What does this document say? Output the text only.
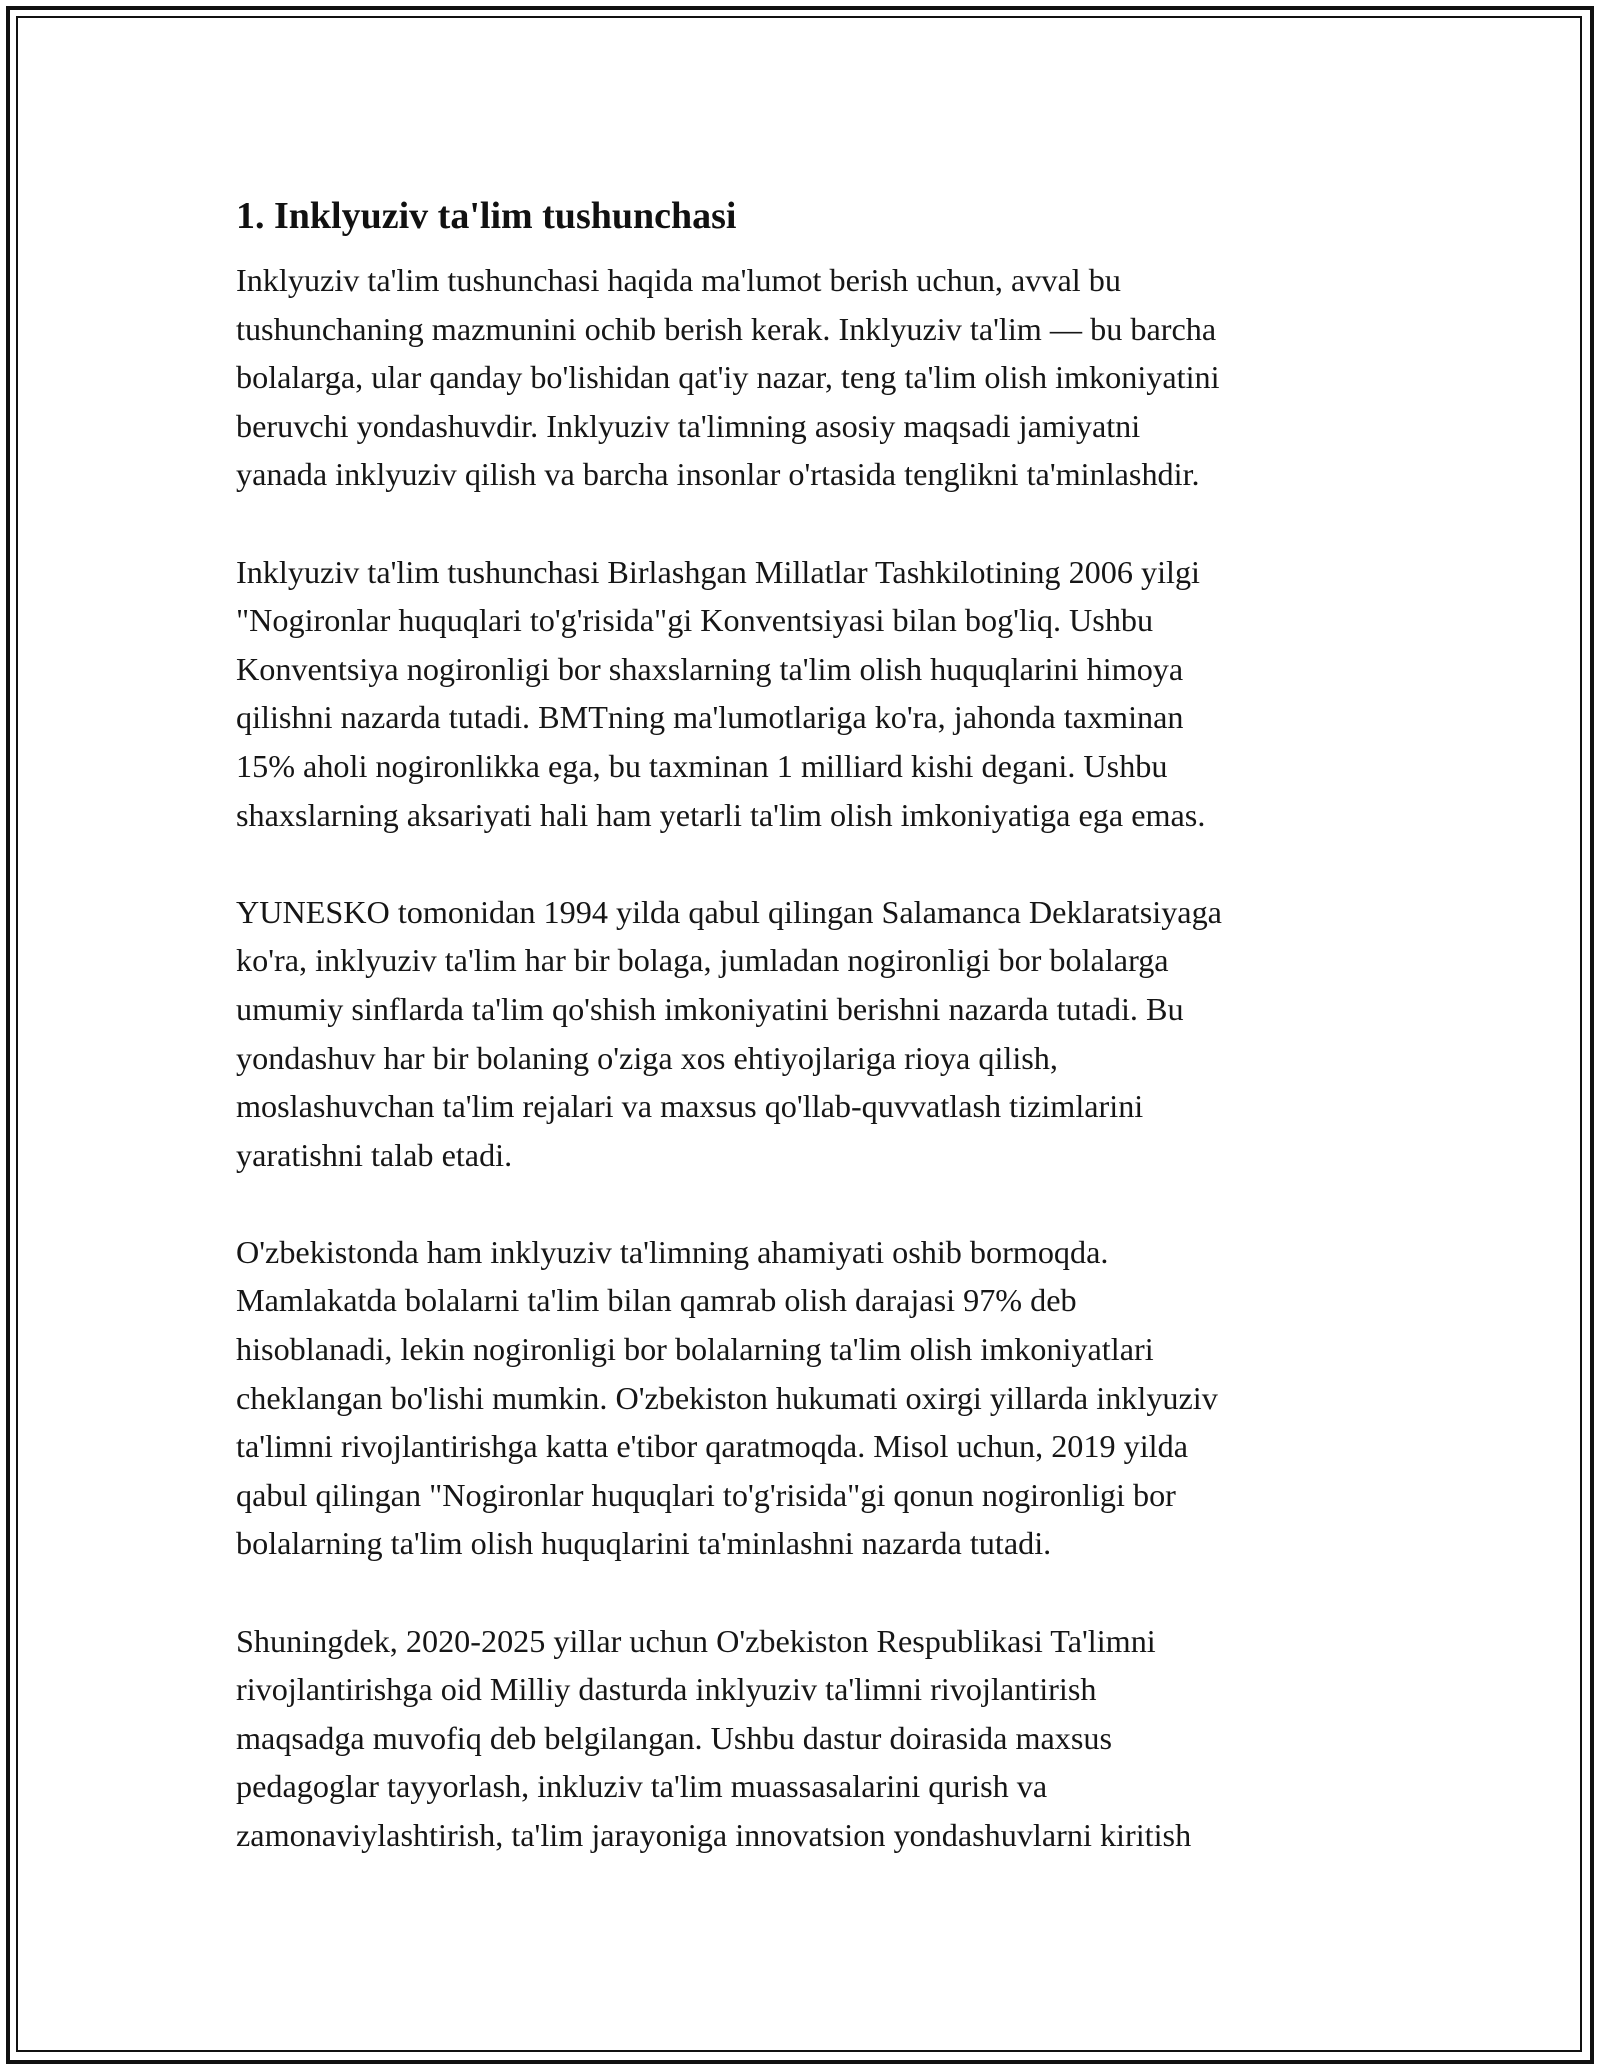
1. Inklyuziv ta'lim tushunchasi

Inklyuziv ta'lim tushunchasi haqida ma'lumot berish uchun, avval bu
tushunchaning mazmunini ochib berish kerak. Inklyuziv ta'lim — bu barcha
bolalarga, ular qanday bo'lishidan qat'iy nazar, teng ta'lim olish imkoniyatini
beruvchi yondashuvdir. Inklyuziv ta'limning asosiy maqsadi jamiyatni
yanada inklyuziv qilish va barcha insonlar o'rtasida tenglikni ta'minlashdir.

Inklyuziv ta'lim tushunchasi Birlashgan Millatlar Tashkilotining 2006 yilgi
"Nogironlar huquqlari to'g'risida"gi Konventsiyasi bilan bog'liq. Ushbu
Konventsiya nogironligi bor shaxslarning ta'lim olish huquqlarini himoya
qilishni nazarda tutadi. BMTning ma'lumotlariga ko'ra, jahonda taxminan
15% aholi nogironlikka ega, bu taxminan 1 milliard kishi degani. Ushbu
shaxslarning aksariyati hali ham yetarli ta'lim olish imkoniyatiga ega emas.

YUNESKO tomonidan 1994 yilda qabul qilingan Salamanca Deklaratsiyaga
ko'ra, inklyuziv ta'lim har bir bolaga, jumladan nogironligi bor bolalarga
umumiy sinflarda ta'lim qo'shish imkoniyatini berishni nazarda tutadi. Bu
yondashuv har bir bolaning o'ziga xos ehtiyojlariga rioya qilish,
moslashuvchan ta'lim rejalari va maxsus qo'llab-quvvatlash tizimlarini
yaratishni talab etadi.

O'zbekistonda ham inklyuziv ta'limning ahamiyati oshib bormoqda.
Mamlakatda bolalarni ta'lim bilan qamrab olish darajasi 97% deb
hisoblanadi, lekin nogironligi bor bolalarning ta'lim olish imkoniyatlari
cheklangan bo'lishi mumkin. O'zbekiston hukumati oxirgi yillarda inklyuziv
ta'limni rivojlantirishga katta e'tibor qaratmoqda. Misol uchun, 2019 yilda
qabul qilingan "Nogironlar huquqlari to'g'risida"gi qonun nogironligi bor
bolalarning ta'lim olish huquqlarini ta'minlashni nazarda tutadi.

Shuningdek, 2020-2025 yillar uchun O'zbekiston Respublikasi Ta'limni
rivojlantirishga oid Milliy dasturda inklyuziv ta'limni rivojlantirish
maqsadga muvofiq deb belgilangan. Ushbu dastur doirasida maxsus
pedagoglar tayyorlash, inkluziv ta'lim muassasalarini qurish va
zamonaviylashtirish, ta'lim jarayoniga innovatsion yondashuvlarni kiritish
